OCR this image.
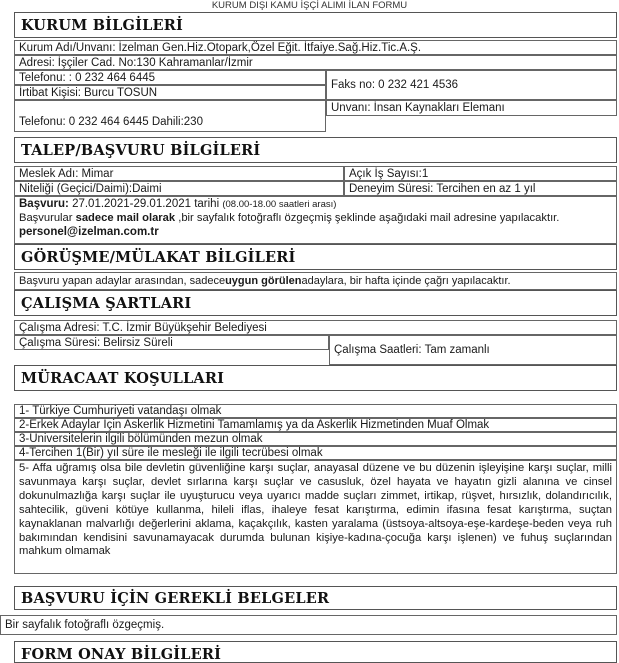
KURUM DIŞI KAMU İŞÇİ ALIMI İLAN FORMU
KURUM BİLGİLERİ
Kurum Adı/Unvanı: İzelman Gen.Hiz.Otopark,Özel Eğit. İtfaiye.Sağ.Hiz.Tic.A.Ş.
Adresi: İşçiler Cad. No:130 Kahramanlar/İzmir
Telefonu: : 0 232 464 6445
Faks no: 0 232 421 4536
İrtibat Kişisi: Burcu TOSUN
Unvanı: İnsan Kaynakları Elemanı
Telefonu: 0 232 464 6445 Dahili:230
TALEP/BAŞVURU BİLGİLERİ
Meslek Adı: Mimar	Açık İş Sayısı: 1
Niteliği (Geçici/Daimi): Daimi	Deneyim Süresi: Tercihen en az 1 yıl
Başvuru: 27.01.2021-29.01.2021 tarihi (08.00-18.00 saatleri arası)
Başvurular sadece mail olarak ,bir sayfalık fotoğraflı özgeçmiş şeklinde aşağıdaki mail adresine yapılacaktır.
personel@izelman.com.tr
GÖRÜŞME/MÜLAKAT BİLGİLERİ
Başvuru yapan adaylar arasından, sadece uygun görülen adaylara, bir hafta içinde çağrı yapılacaktır.
ÇALIŞMA ŞARTLARI
Çalışma Adresi: T.C. İzmir Büyükşehir Belediyesi
Çalışma Süresi: Belirsiz Süreli
Çalışma Saatleri: Tam zamanlı
MÜRACAAT KOŞULLARI
1- Türkiye Cumhuriyeti vatandaşı olmak
2-Erkek Adaylar İçin Askerlik Hizmetini Tamamlamış ya da Askerlik Hizmetinden Muaf Olmak
3-Üniversitelerin ilgili bölümünden mezun olmak
4-Tercihen 1(Bir) yıl süre ile mesleği ile ilgili tecrübesi olmak
5- Affa uğramış olsa bile devletin güvenliğine karşı suçlar, anayasal düzene ve bu düzenin işleyişine karşı suçlar, milli savunmaya karşı suçlar, devlet sırlarına karşı suçlar ve casusluk, özel hayata ve hayatın gizli alanına ve cinsel dokunulmazlığa karşı suçlar ile uyuşturucu veya uyarıcı madde suçları zimmet, irtikap, rüşvet, hırsızlık, dolandırıcılık, sahtecilik, güveni kötüye kullanma, hileli iflas, ihaleye fesat karıştırma, edimin ifasına fesat karıştırma, suçtan kaynaklanan malvarlığı değerlerini aklama, kaçakçılık, kasten yaralama (üstsoya-altsoya-eşe-kardeşe-beden veya ruh bakımından kendisini savunamayacak durumda bulunan kişiye-kadına-çocuğa karşı işlenen) ve fuhuş suçlarından mahkum olmamak
BAŞVURU İÇİN GEREKLİ BELGELER
Bir sayfalık fotoğraflı özgeçmiş.
FORM ONAY BİLGİLERİ
